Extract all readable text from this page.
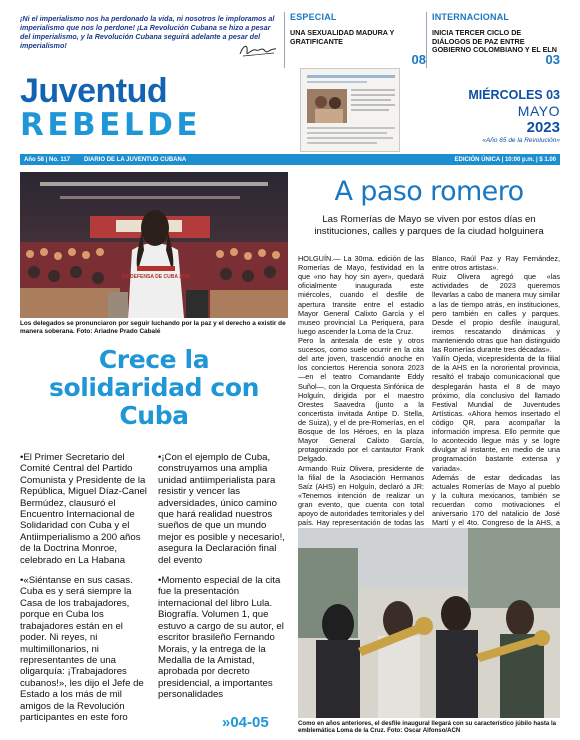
¡Ni el imperialismo nos ha perdonado la vida, ni nosotros le imploramos al imperialismo que nos lo perdone! ¡La Revolución Cubana se hizo a pesar del imperialismo, y la Revolución Cubana seguirá adelante a pesar del imperialismo!
ESPECIAL
UNA SEXUALIDAD MADURA Y GRATIFICANTE
08
INTERNACIONAL
INICIA TERCER CICLO DE DIÁLOGOS DE PAZ ENTRE GOBIERNO COLOMBIANO Y EL ELN
03
Juventud
REBELDE
MIÉRCOLES 03
MAYO
2023
«Año 65 de la Revolución»
Año 58 | No. 117 DIARIO DE LA JUVENTUD CUBANA	EDICIÓN ÚNICA | 10:00 p.m. | $ 1.00
EN DEFENSA DE CUBA 2023
Los delegados se pronunciaron por seguir luchando por la paz y el derecho a existir de manera soberana. Foto: Ariadne Prado Cabalé
Crece la solidaridad con Cuba

•El Primer Secretario del Comité Central del Partido Comunista y Presidente de la República, Miguel Díaz-Canel Bermúdez, clausuró el Encuentro Internacional de Solidaridad con Cuba y el Antiimperialismo a 200 años de la Doctrina Monroe, celebrado en La Habana

•«Siéntanse en sus casas. Cuba es y será siempre la Casa de los trabajadores, porque en Cuba los trabajadores están en el poder. Ni reyes, ni multimillonarios, ni representantes de una oligarquía: ¡Trabajadores cubanos!», les dijo el Jefe de Estado a los más de mil amigos de la Revolución participantes en este foro

•¡Con el ejemplo de Cuba, construyamos una amplia unidad antiimperialista para resistir y vencer las adversidades, único camino que hará realidad nuestros sueños de que un mundo mejor es posible y necesario!, asegura la Declaración final del evento

•Momento especial de la cita fue la presentación internacional del libro Lula. Biografía. Volumen 1, que estuvo a cargo de su autor, el escritor brasileño Fernando Morais, y la entrega de la Medalla de la Amistad, aprobada por decreto presidencial, a importantes personalidades

»04-05
A paso romero
Las Romerías de Mayo se viven por estos días en instituciones, calles y parques de la ciudad holguinera

HOLGUÍN.— La 30ma. edición de las Romerías de Mayo, festividad en la que «no hay hoy sin ayer», quedará oficialmente inaugurada este miércoles, cuando el desfile de apertura transite entre el estadio Mayor General Calixto García y el museo provincial La Periquera, para luego ascender la Loma de la Cruz.

Pero la antesala de este y otros sucesos, como suele ocurrir en la cita del arte joven, trascendió anoche en los conciertos Herencia sonora 2023 —en el teatro Comandante Eddy Suñol—, con la Orquesta Sinfónica de Holguín, dirigida por el maestro Orestes Saavedra (junto a la concertista invitada Antipe D. Stella, de Suiza), y el de pre-Romerías, en el Bosque de los Héroes, en la plaza Mayor General Calixto García, protagonizado por el cantautor Frank Delgado.

Armando Ruiz Olivera, presidente de la filial de la Asociación Hermanos Saíz (AHS) en Holguín, declaró a JR: «Tenemos intención de realizar un gran evento, que cuenta con total apoyo de autoridades territoriales y del país. Hay representación de todas las

Blanco, Raúl Paz y Ray Fernández, entre otros artistas».

Ruiz Olivera agregó que «las actividades de 2023 queremos llevarlas a cabo de manera muy similar a las de tiempo atrás, en instituciones, pero también en calles y parques. Desde el propio desfile inaugural, iremos rescatando dinámicas y manteniendo otras que han distinguido las Romerías durante tres décadas».

Yailín Ojeda, vicepresidenta de la filial de la AHS en la nororiental provincia, resaltó el trabajo comunicacional que desplegarán hasta el 8 de mayo próximo, día conclusivo del llamado Festival Mundial de Juventudes Artísticas. «Ahora hemos insertado el código QR, para acompañar la información impresa. Ello permite que lo acontecido llegue más y se logre divulgar al instante, en medio de una programación bastante extensa y variada».

Además de estar dedicadas las actuales Romerías de Mayo al pueblo y la cultura mexicanos, también se recuerdan como motivaciones el aniversario 170 del natalicio de José Martí y el 4to. Congreso de la AHS, a

Como en años anteriores, el desfile inaugural llegará con su característico júbilo hasta la emblemática Loma de la Cruz. Foto: Oscar Alfonso/ACN
